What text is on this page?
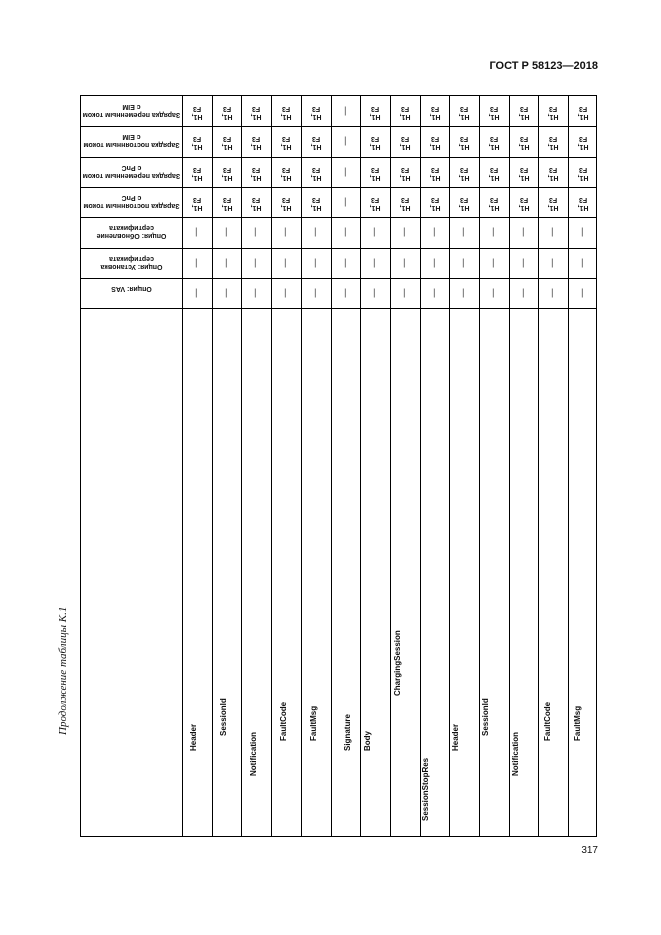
ГОСТ Р 58123—2018
Продолжение таблицы К.1
Зарядка переменным током с EIM
Зарядка постоянным током с EIM
Зарядка переменным током с PnC
Зарядка постоянным током с PnC
Опция: Обновление сертификата
Опция: Установка сертификата
Опция: VAS
Header
H1, F3
H1, F3
H1, F3
H1, F3
—
—
—
SessionId
H1, F3
H1, F3
H1, F3
H1, F3
—
—
—
Notification
H1, F3
H1, F3
H1, F3
H1, F3
—
—
—
FaultCode
H1, F3
H1, F3
H1, F3
H1, F3
—
—
—
FaultMsg
H1, F3
H1, F3
H1, F3
H1, F3
—
—
—
Signature
—
—
—
—
—
—
—
Body
H1, F3
H1, F3
H1, F3
H1, F3
—
—
—
ChargingSession
H1, F3
H1, F3
H1, F3
H1, F3
—
—
—
SessionStopRes
H1, F3
H1, F3
H1, F3
H1, F3
—
—
—
Header
H1, F3
H1, F3
H1, F3
H1, F3
—
—
—
SessionId
H1, F3
H1, F3
H1, F3
H1, F3
—
—
—
Notification
H1, F3
H1, F3
H1, F3
H1, F3
—
—
—
FaultCode
H1, F3
H1, F3
H1, F3
H1, F3
—
—
—
FaultMsg
H1, F3
H1, F3
H1, F3
H1, F3
—
—
—
317
